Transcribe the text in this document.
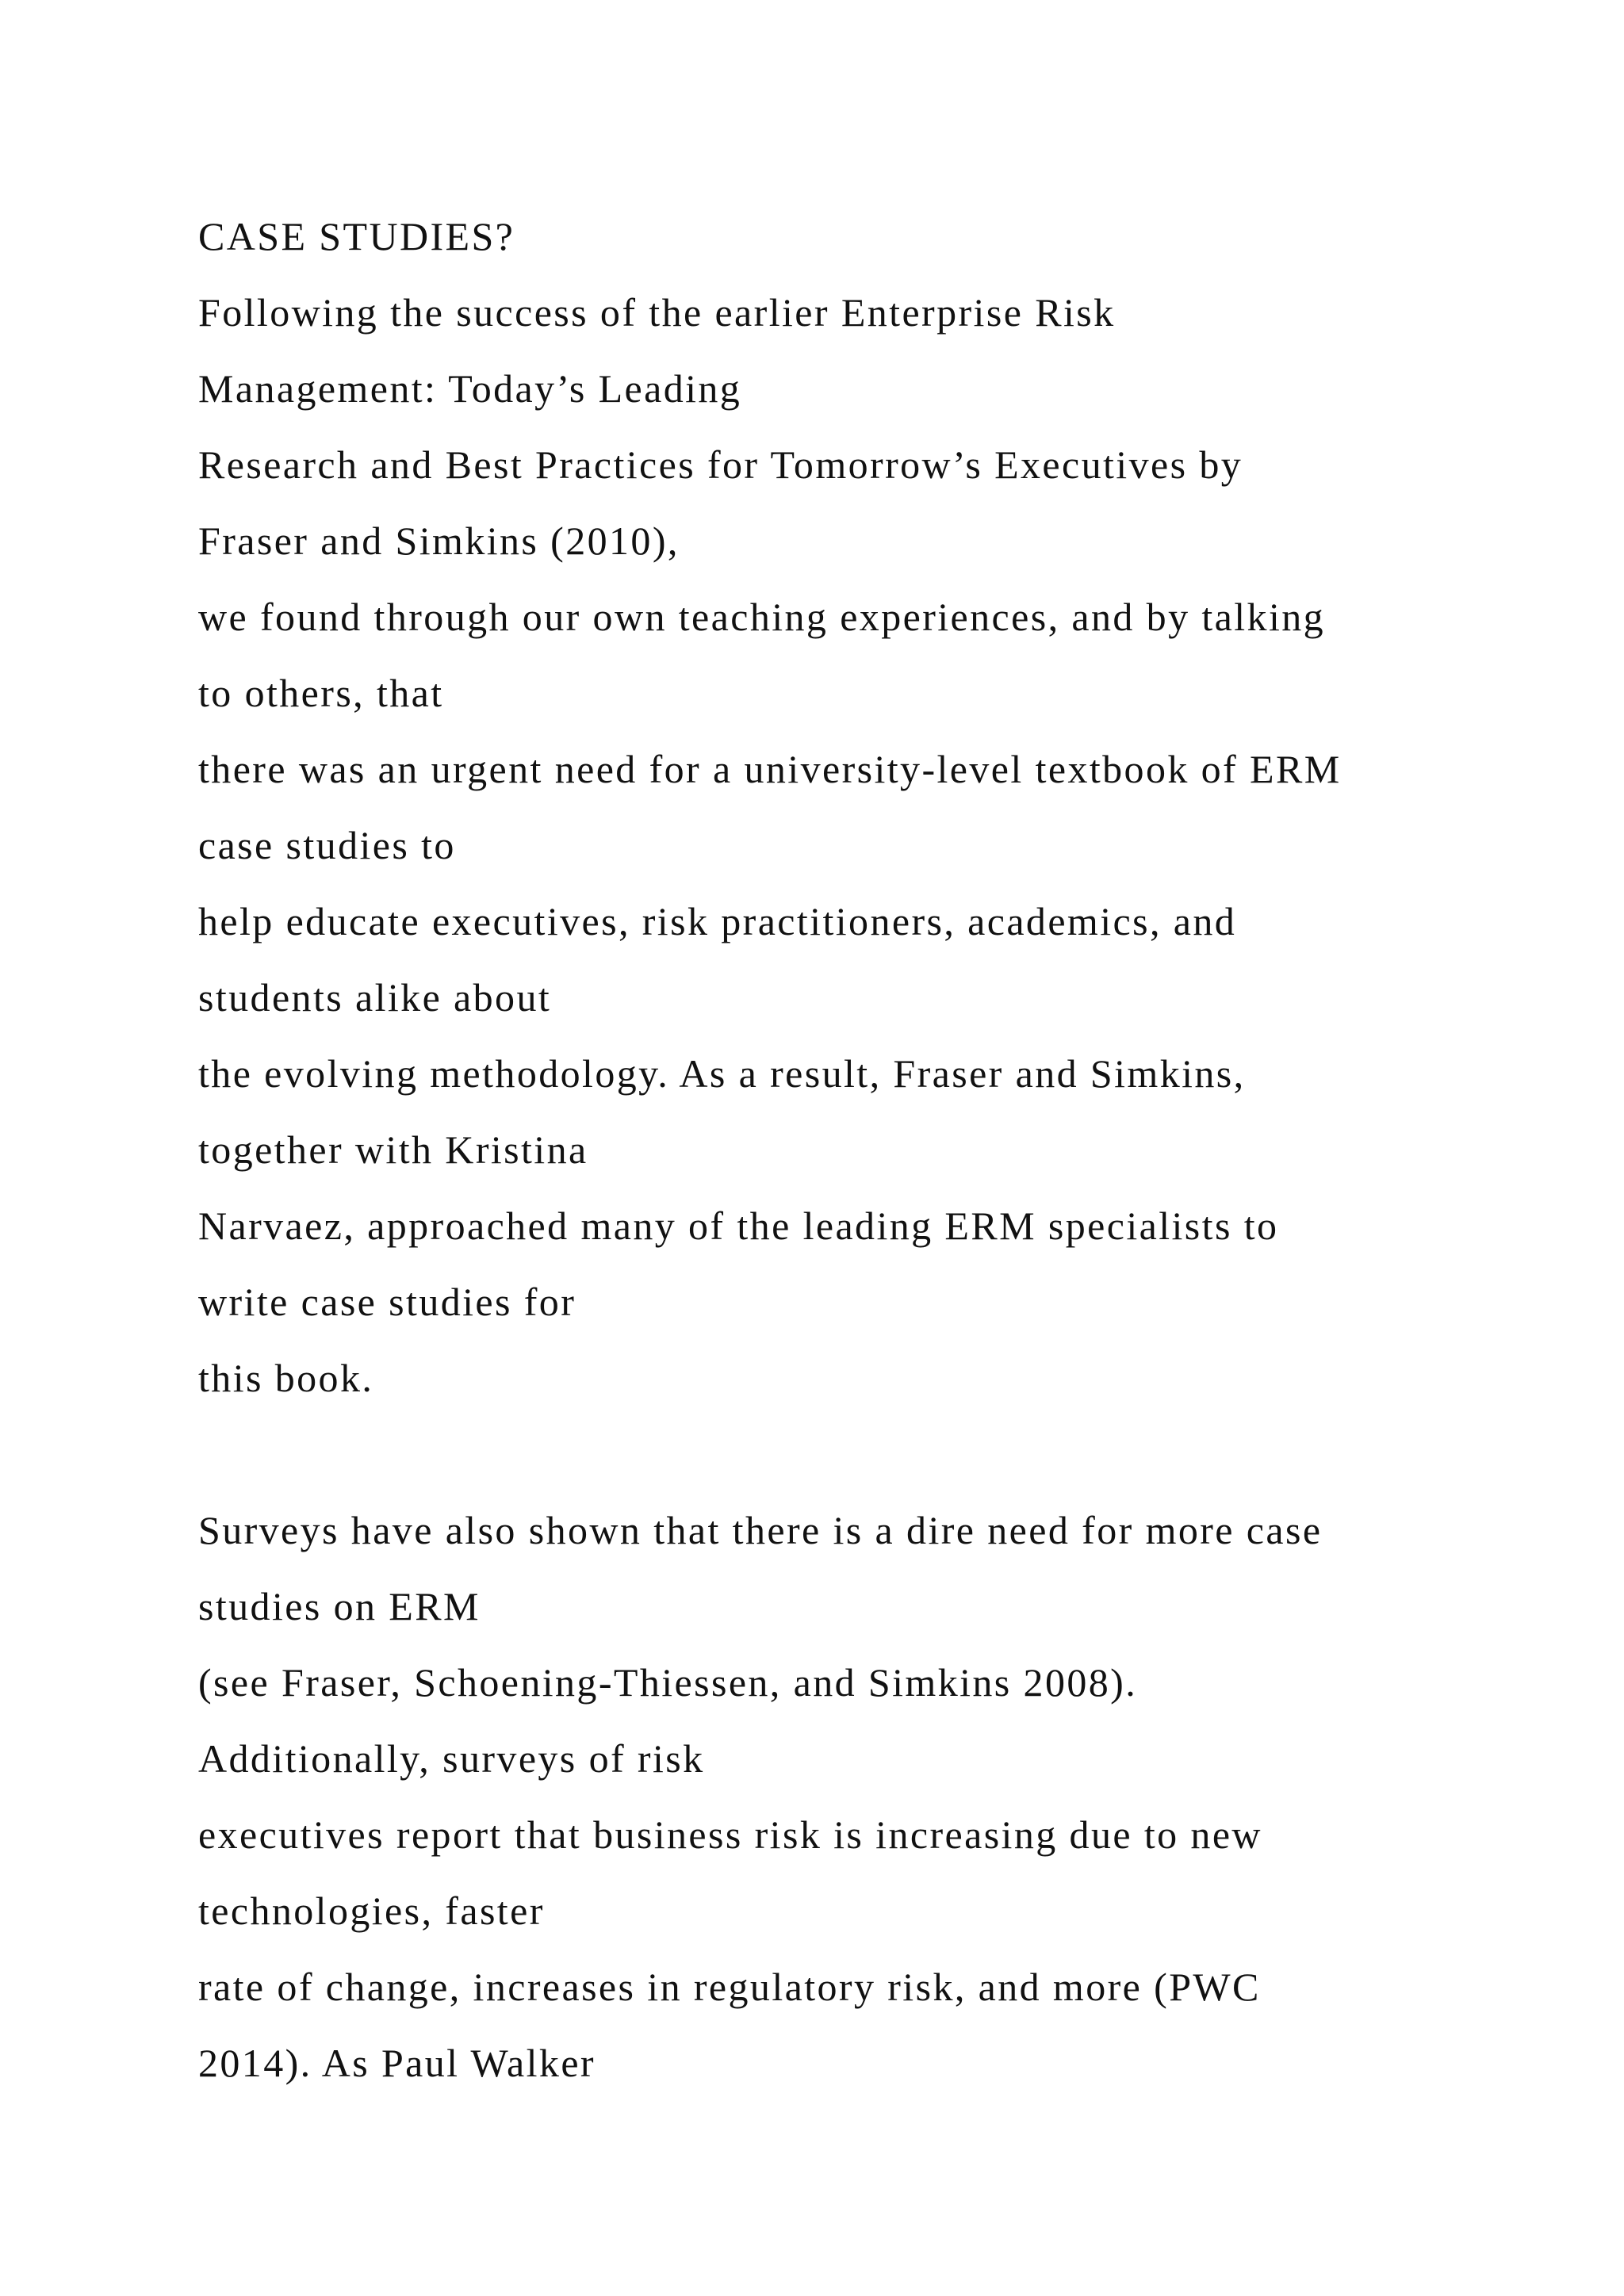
CASE STUDIES?
Following the success of the earlier Enterprise Risk
Management: Today’s Leading
Research and Best Practices for Tomorrow’s Executives by
Fraser and Simkins (2010),
we found through our own teaching experiences, and by talking
to others, that
there was an urgent need for a university-level textbook of ERM
case studies to
help educate executives, risk practitioners, academics, and
students alike about
the evolving methodology. As a result, Fraser and Simkins,
together with Kristina
Narvaez, approached many of the leading ERM specialists to
write case studies for
this book.
Surveys have also shown that there is a dire need for more case
studies on ERM
(see Fraser, Schoening-Thiessen, and Simkins 2008).
Additionally, surveys of risk
executives report that business risk is increasing due to new
technologies, faster
rate of change, increases in regulatory risk, and more (PWC
2014). As Paul Walker
